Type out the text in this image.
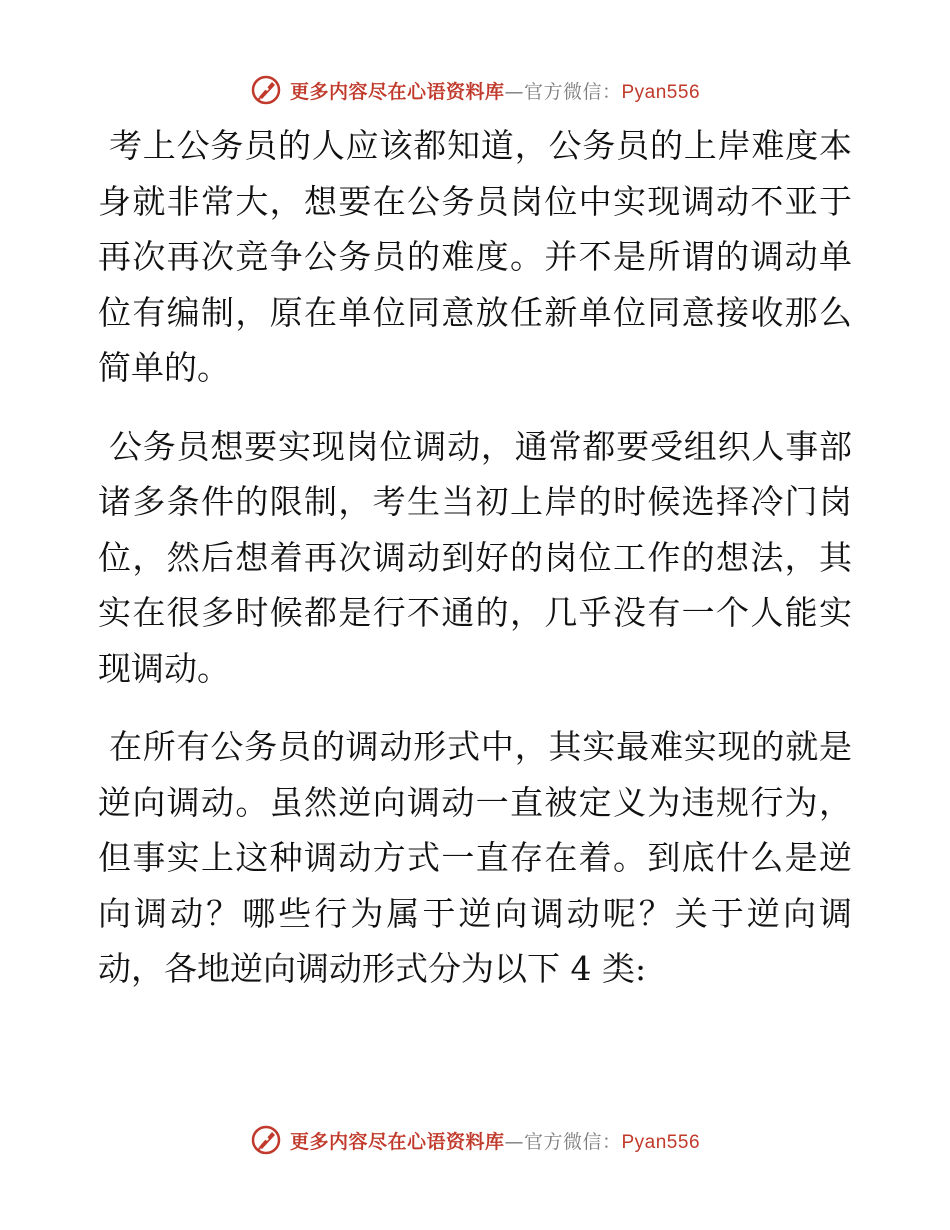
更多内容尽在心语资料库—官方微信：Pyan556

考上公务员的人应该都知道，公务员的上岸难度本身就非常大，想要在公务员岗位中实现调动不亚于再次再次竞争公务员的难度。并不是所谓的调动单位有编制，原在单位同意放任新单位同意接收那么简单的。

公务员想要实现岗位调动，通常都要受组织人事部诸多条件的限制，考生当初上岸的时候选择冷门岗位，然后想着再次调动到好的岗位工作的想法，其实在很多时候都是行不通的，几乎没有一个人能实现调动。

在所有公务员的调动形式中，其实最难实现的就是逆向调动。虽然逆向调动一直被定义为违规行为，但事实上这种调动方式一直存在着。到底什么是逆向调动？哪些行为属于逆向调动呢？关于逆向调动，各地逆向调动形式分为以下 4 类:

更多内容尽在心语资料库—官方微信：Pyan556
